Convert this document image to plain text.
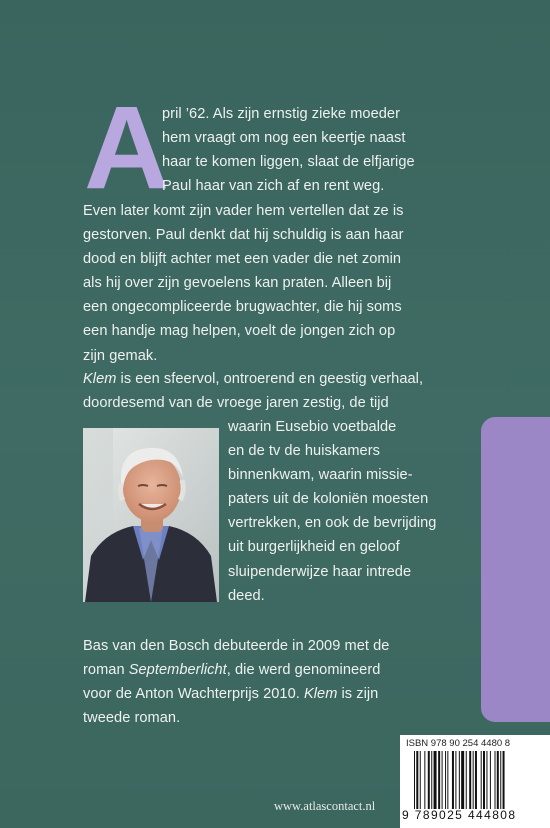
A
pril ’62. Als zijn ernstig zieke moeder
hem vraagt om nog een keertje naast
haar te komen liggen, slaat de elfjarige
Paul haar van zich af en rent weg.
Even later komt zijn vader hem vertellen dat ze is
gestorven. Paul denkt dat hij schuldig is aan haar
dood en blijft achter met een vader die net zomin
als hij over zijn gevoelens kan praten. Alleen bij
een ongecompliceerde brugwachter, die hij soms
een handje mag helpen, voelt de jongen zich op
zijn gemak.
Klem is een sfeervol, ontroerend en geestig verhaal,
doordesemd van de vroege jaren zestig, de tijd
waarin Eusebio voetbalde
en de tv de huiskamers
binnenkwam, waarin missie-
paters uit de koloniën moesten
vertrekken, en ook de bevrijding
uit burgerlijkheid en geloof
sluipenderwijze haar intrede
deed.
Bas van den Bosch debuteerde in 2009 met de
roman Septemberlicht, die werd genomineerd
voor de Anton Wachterprijs 2010. Klem is zijn
tweede roman.
ISBN 978 90 254 4480 8
9 789025 444808
www.atlascontact.nl
